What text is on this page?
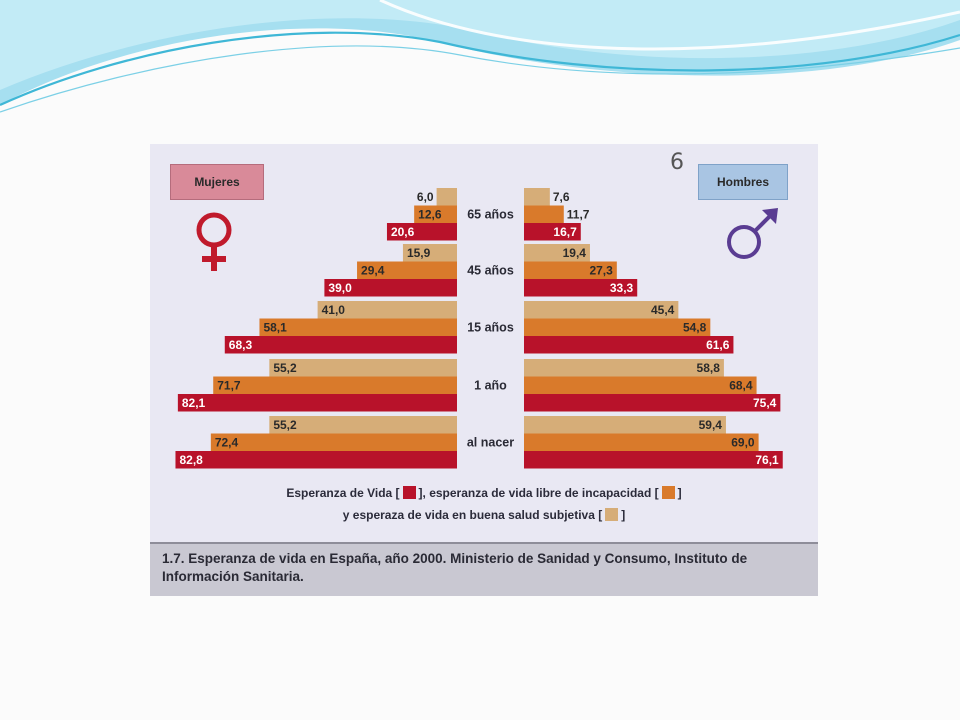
Mujeres	Hombres
6
6,0	7,6
12,6	11,7
20,6	16,7
65 años
15,9	19,4
29,4	27,3
39,0	33,3
45 años
41,0	45,4
58,1	54,8
68,3	61,6
15 años
55,2	58,8
71,7	68,4
82,1	75,4
1 año
55,2	59,4
72,4	69,0
82,8	76,1
al nacer
Esperanza de Vida [ ], esperanza de vida libre de incapacidad [ ]
y esperaza de vida en buena salud subjetiva [ ]
1.7. Esperanza de vida en España, año 2000. Ministerio de Sanidad y Consumo, Instituto de Información Sanitaria.
